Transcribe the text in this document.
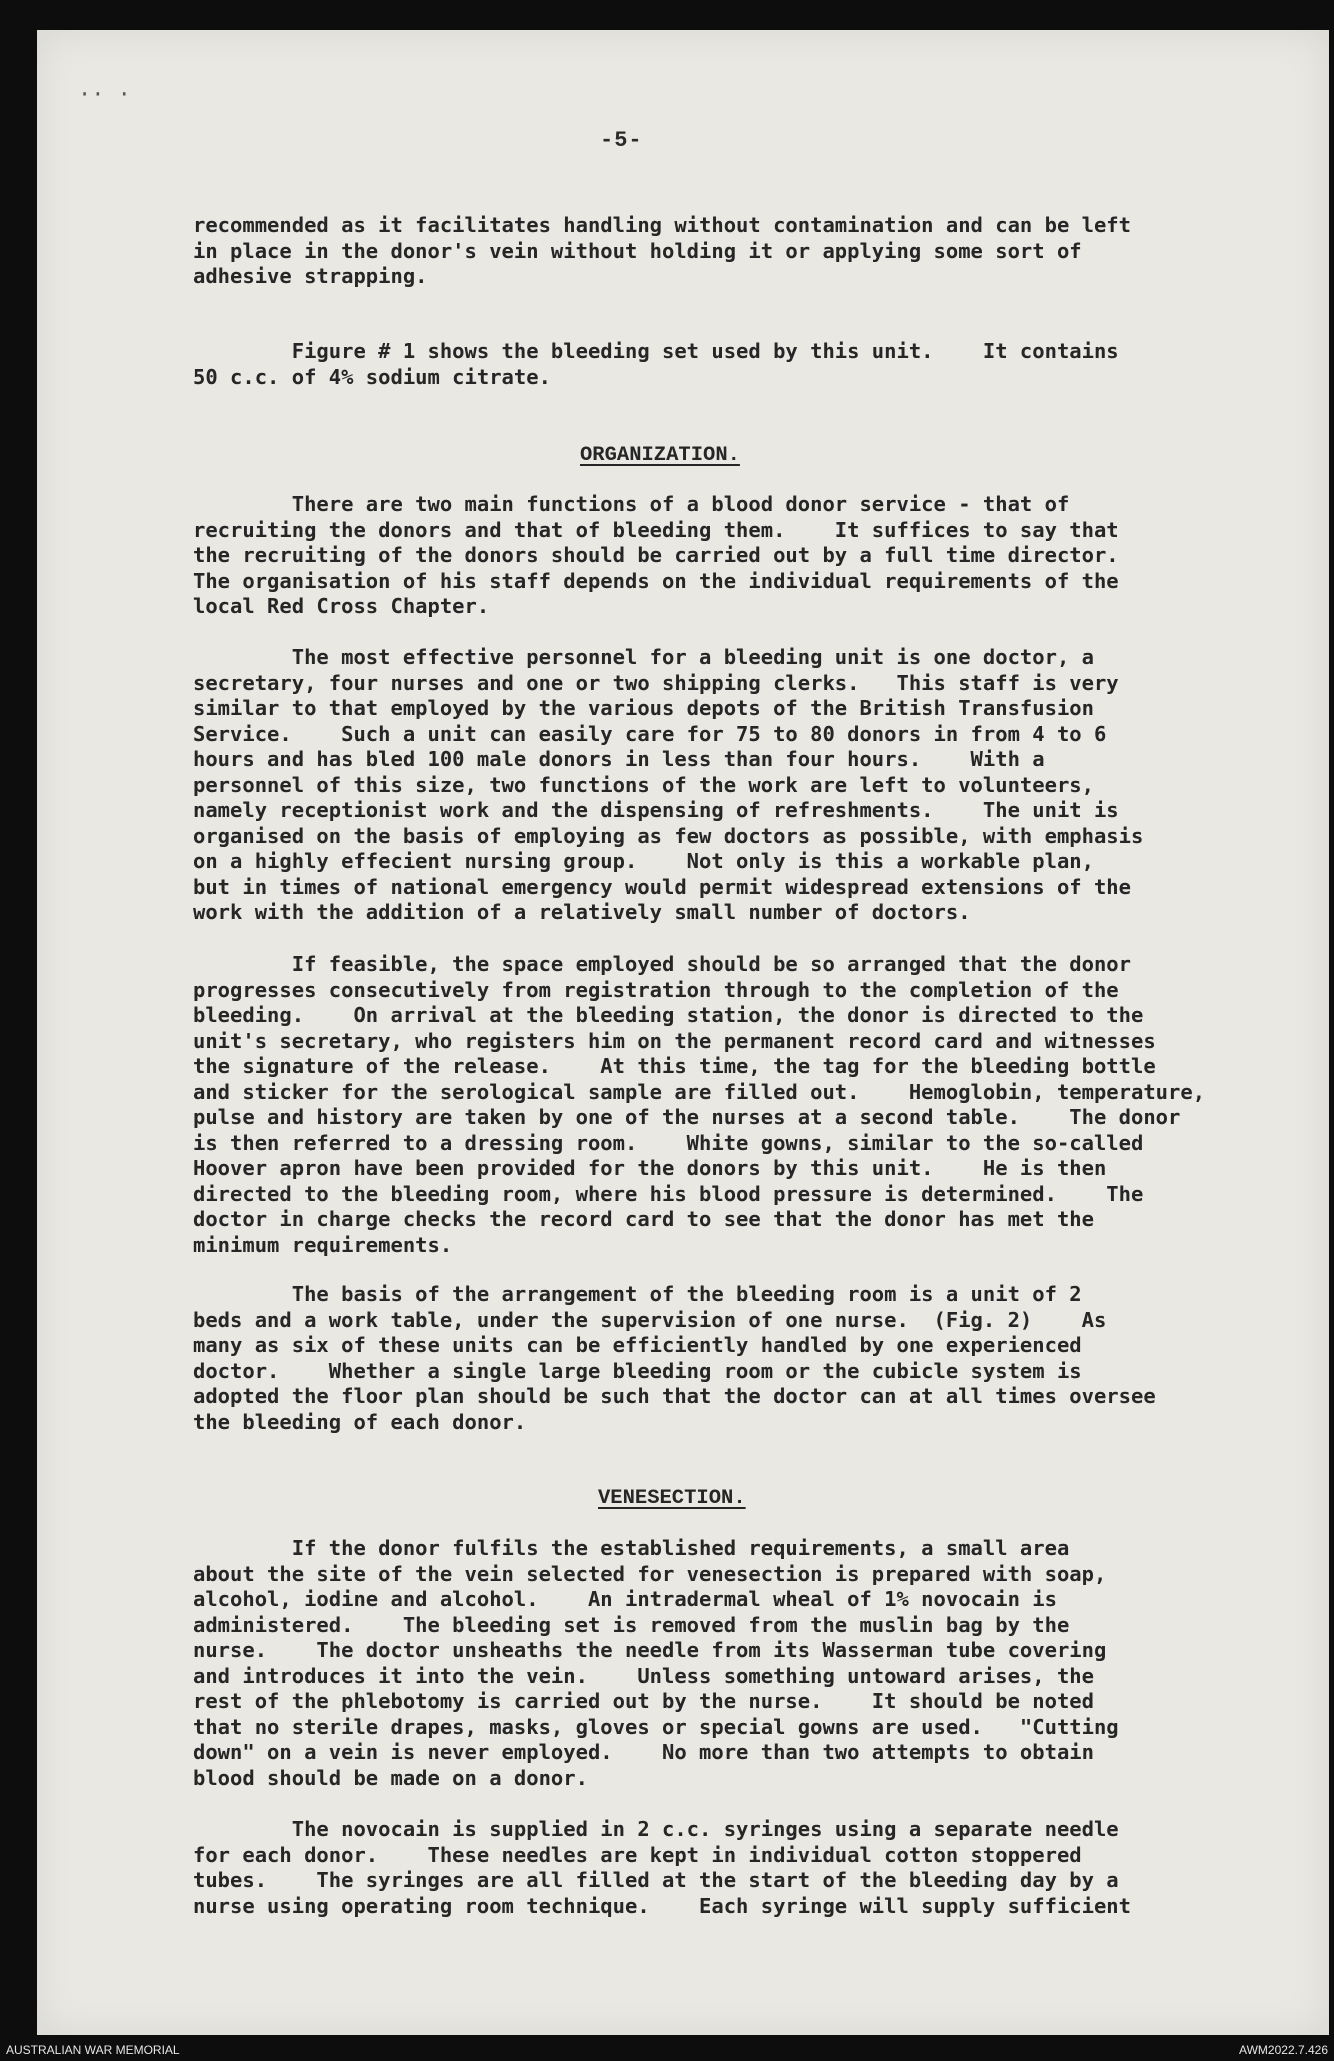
·· ·
-5-
recommended as it facilitates handling without contamination and can be left
in place in the donor's vein without holding it or applying some sort of
adhesive strapping.
Figure # 1 shows the bleeding set used by this unit.    It contains
50 c.c. of 4% sodium citrate.
ORGANIZATION.
There are two main functions of a blood donor service - that of
recruiting the donors and that of bleeding them.    It suffices to say that
the recruiting of the donors should be carried out by a full time director.
The organisation of his staff depends on the individual requirements of the
local Red Cross Chapter.
The most effective personnel for a bleeding unit is one doctor, a
secretary, four nurses and one or two shipping clerks.   This staff is very
similar to that employed by the various depots of the British Transfusion
Service.    Such a unit can easily care for 75 to 80 donors in from 4 to 6
hours and has bled 100 male donors in less than four hours.    With a
personnel of this size, two functions of the work are left to volunteers,
namely receptionist work and the dispensing of refreshments.    The unit is
organised on the basis of employing as few doctors as possible, with emphasis
on a highly effecient nursing group.    Not only is this a workable plan,
but in times of national emergency would permit widespread extensions of the
work with the addition of a relatively small number of doctors.
If feasible, the space employed should be so arranged that the donor
progresses consecutively from registration through to the completion of the
bleeding.    On arrival at the bleeding station, the donor is directed to the
unit's secretary, who registers him on the permanent record card and witnesses
the signature of the release.    At this time, the tag for the bleeding bottle
and sticker for the serological sample are filled out.    Hemoglobin, temperature,
pulse and history are taken by one of the nurses at a second table.    The donor
is then referred to a dressing room.    White gowns, similar to the so-called
Hoover apron have been provided for the donors by this unit.    He is then
directed to the bleeding room, where his blood pressure is determined.    The
doctor in charge checks the record card to see that the donor has met the
minimum requirements.
The basis of the arrangement of the bleeding room is a unit of 2
beds and a work table, under the supervision of one nurse.  (Fig. 2)    As
many as six of these units can be efficiently handled by one experienced
doctor.    Whether a single large bleeding room or the cubicle system is
adopted the floor plan should be such that the doctor can at all times oversee
the bleeding of each donor.
VENESECTION.
If the donor fulfils the established requirements, a small area
about the site of the vein selected for venesection is prepared with soap,
alcohol, iodine and alcohol.    An intradermal wheal of 1% novocain is
administered.    The bleeding set is removed from the muslin bag by the
nurse.    The doctor unsheaths the needle from its Wasserman tube covering
and introduces it into the vein.    Unless something untoward arises, the
rest of the phlebotomy is carried out by the nurse.    It should be noted
that no sterile drapes, masks, gloves or special gowns are used.   "Cutting
down" on a vein is never employed.    No more than two attempts to obtain
blood should be made on a donor.
The novocain is supplied in 2 c.c. syringes using a separate needle
for each donor.    These needles are kept in individual cotton stoppered
tubes.    The syringes are all filled at the start of the bleeding day by a
nurse using operating room technique.    Each syringe will supply sufficient
AUSTRALIAN WAR MEMORIAL	AWM2022.7.426
